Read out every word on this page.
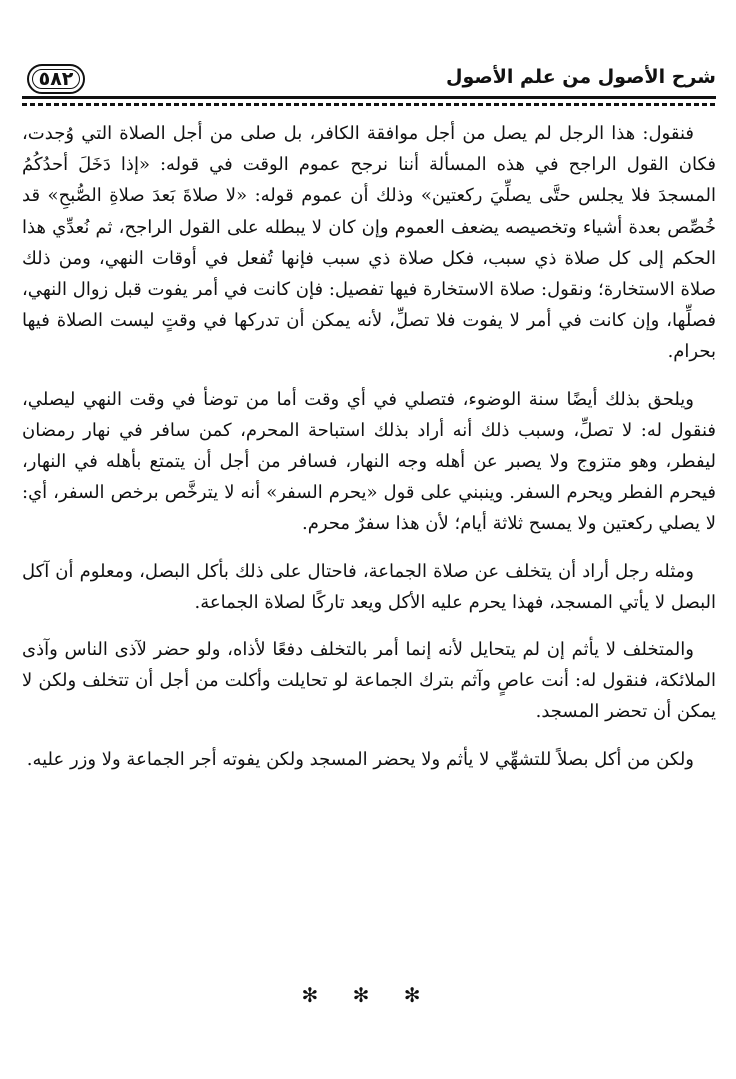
٥٨٢	شرح الأصول من علم الأصول

فنقول: هذا الرجل لم يصل من أجل موافقة الكافر، بل صلى من أجل الصلاة التي وُجدت، فكان القول الراجح في هذه المسألة أننا نرجح عموم الوقت في قوله: «إذا دَخَلَ أحدُكُمُ المسجدَ فلا يجلس حتَّى يصلِّيَ ركعتين» وذلك أن عموم قوله: «لا صلاةَ بَعدَ صلاةِ الصُّبحِ» قد خُصِّص بعدة أشياء وتخصيصه يضعف العموم وإن كان لا يبطله على القول الراجح، ثم نُعدِّي هذا الحكم إلى كل صلاة ذي سبب، فكل صلاة ذي سبب فإنها تُفعل في أوقات النهي، ومن ذلك صلاة الاستخارة؛ ونقول: صلاة الاستخارة فيها تفصيل: فإن كانت في أمر يفوت قبل زوال النهي، فصلِّها، وإن كانت في أمر لا يفوت فلا تصلِّ، لأنه يمكن أن تدركها في وقتٍ ليست الصلاة فيها بحرام.

ويلحق بذلك أيضًا سنة الوضوء، فتصلي في أي وقت أما من توضأ في وقت النهي ليصلي، فنقول له: لا تصلِّ، وسبب ذلك أنه أراد بذلك استباحة المحرم، كمن سافر في نهار رمضان ليفطر، وهو متزوج ولا يصبر عن أهله وجه النهار، فسافر من أجل أن يتمتع بأهله في النهار، فيحرم الفطر ويحرم السفر. وينبني على قول «يحرم السفر» أنه لا يترخَّص برخص السفر، أي: لا يصلي ركعتين ولا يمسح ثلاثة أيام؛ لأن هذا سفرٌ محرم.

ومثله رجل أراد أن يتخلف عن صلاة الجماعة، فاحتال على ذلك بأكل البصل، ومعلوم أن آكل البصل لا يأتي المسجد، فهذا يحرم عليه الأكل ويعد تاركًا لصلاة الجماعة.

والمتخلف لا يأثم إن لم يتحايل لأنه إنما أمر بالتخلف دفعًا لأذاه، ولو حضر لآذى الناس وآذى الملائكة، فنقول له: أنت عاصٍ وآثم بترك الجماعة لو تحايلت وأكلت من أجل أن تتخلف ولكن لا يمكن أن تحضر المسجد.

ولكن من أكل بصلاً للتشهِّي لا يأثم ولا يحضر المسجد ولكن يفوته أجر الجماعة ولا وزر عليه.

✻ ✻ ✻
